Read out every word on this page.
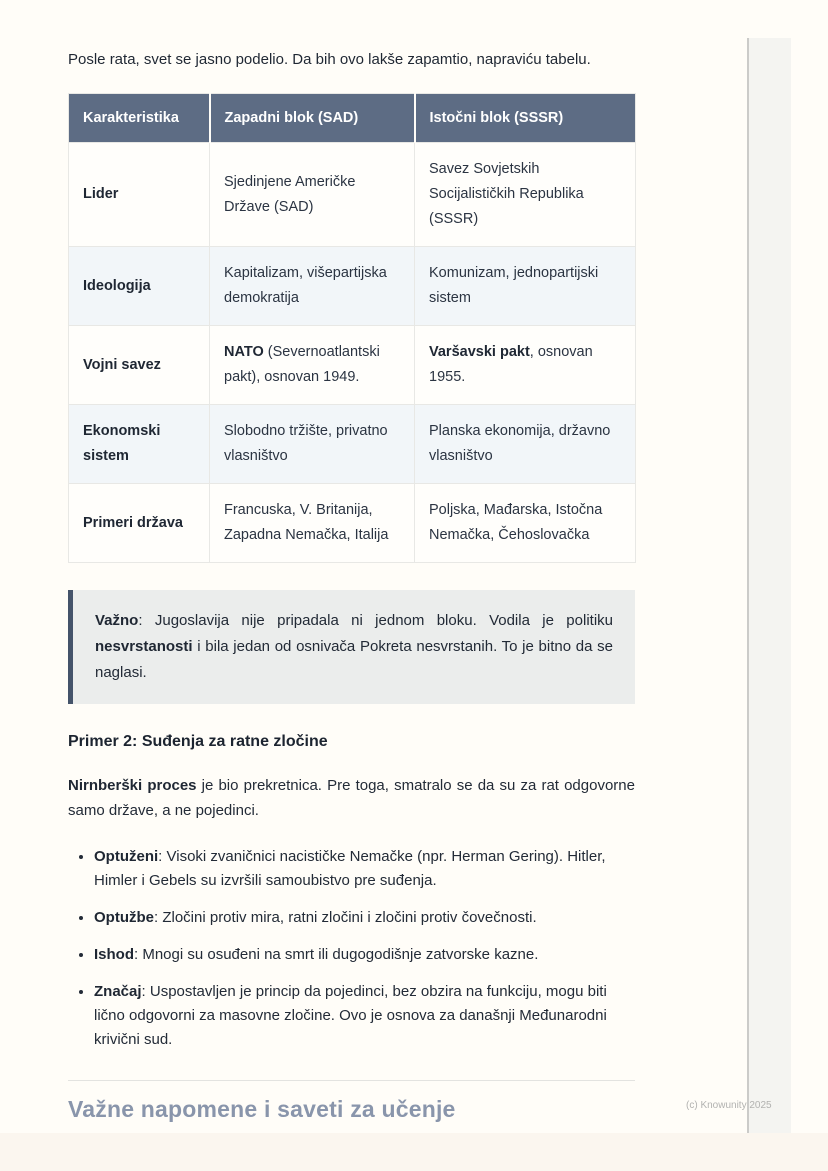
Posle rata, svet se jasno podelio. Da bih ovo lakše zapamtio, napraviću tabelu.

Karakteristika	Zapadni blok (SAD)	Istočni blok (SSSR)
Lider	Sjedinjene Američke Države (SAD)	Savez Sovjetskih Socijalističkih Republika (SSSR)
Ideologija	Kapitalizam, višepartijska demokratija	Komunizam, jednopartijski sistem
Vojni savez	NATO (Severnoatlantski pakt), osnovan 1949.	Varšavski pakt, osnovan 1955.
Ekonomski sistem	Slobodno tržište, privatno vlasništvo	Planska ekonomija, državno vlasništvo
Primeri država	Francuska, V. Britanija, Zapadna Nemačka, Italija	Poljska, Mađarska, Istočna Nemačka, Čehoslovačka
Važno: Jugoslavija nije pripadala ni jednom bloku. Vodila je politiku nesvrstanosti i bila jedan od osnivača Pokreta nesvrstanih. To je bitno da se naglasi.
Primer 2: Suđenja za ratne zločine

Nirnberški proces je bio prekretnica. Pre toga, smatralo se da su za rat odgovorne samo države, a ne pojedinci.

• Optuženi: Visoki zvaničnici nacističke Nemačke (npr. Herman Gering). Hitler, Himler i Gebels su izvršili samoubistvo pre suđenja.
• Optužbe: Zločini protiv mira, ratni zločini i zločini protiv čovečnosti.
• Ishod: Mnogi su osuđeni na smrt ili dugogodišnje zatvorske kazne.
• Značaj: Uspostavljen je princip da pojedinci, bez obzira na funkciju, mogu biti lično odgovorni za masovne zločine. Ovo je osnova za današnji Međunarodni krivični sud.
Važne napomene i saveti za učenje	(c) Knowunity 2025
